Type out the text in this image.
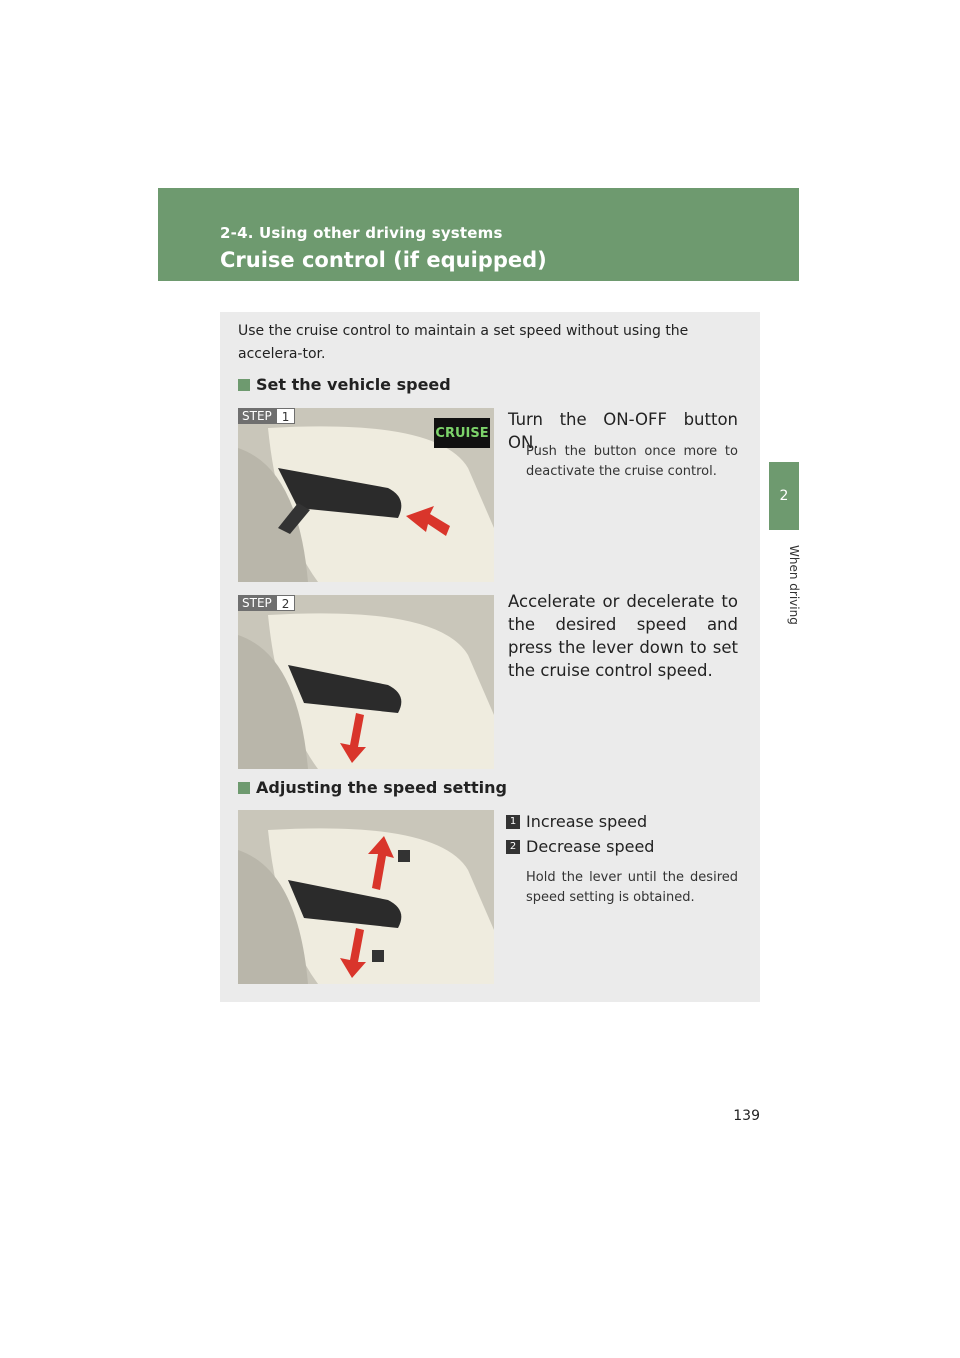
2-4. Using other driving systems
Cruise control (if equipped)
2
When driving
Use the cruise control to maintain a set speed without using the accelera-tor.
Set the vehicle speed
STEP 1
CRUISE
Turn the ON-OFF button ON.
Push the button once more to deactivate the cruise control.
STEP 2	Accelerate or decelerate to the desired speed and press the lever down to set the cruise control speed.
Adjusting the speed setting
1 Increase speed
2 Decrease speed
Hold the lever until the desired speed setting is obtained.
139
